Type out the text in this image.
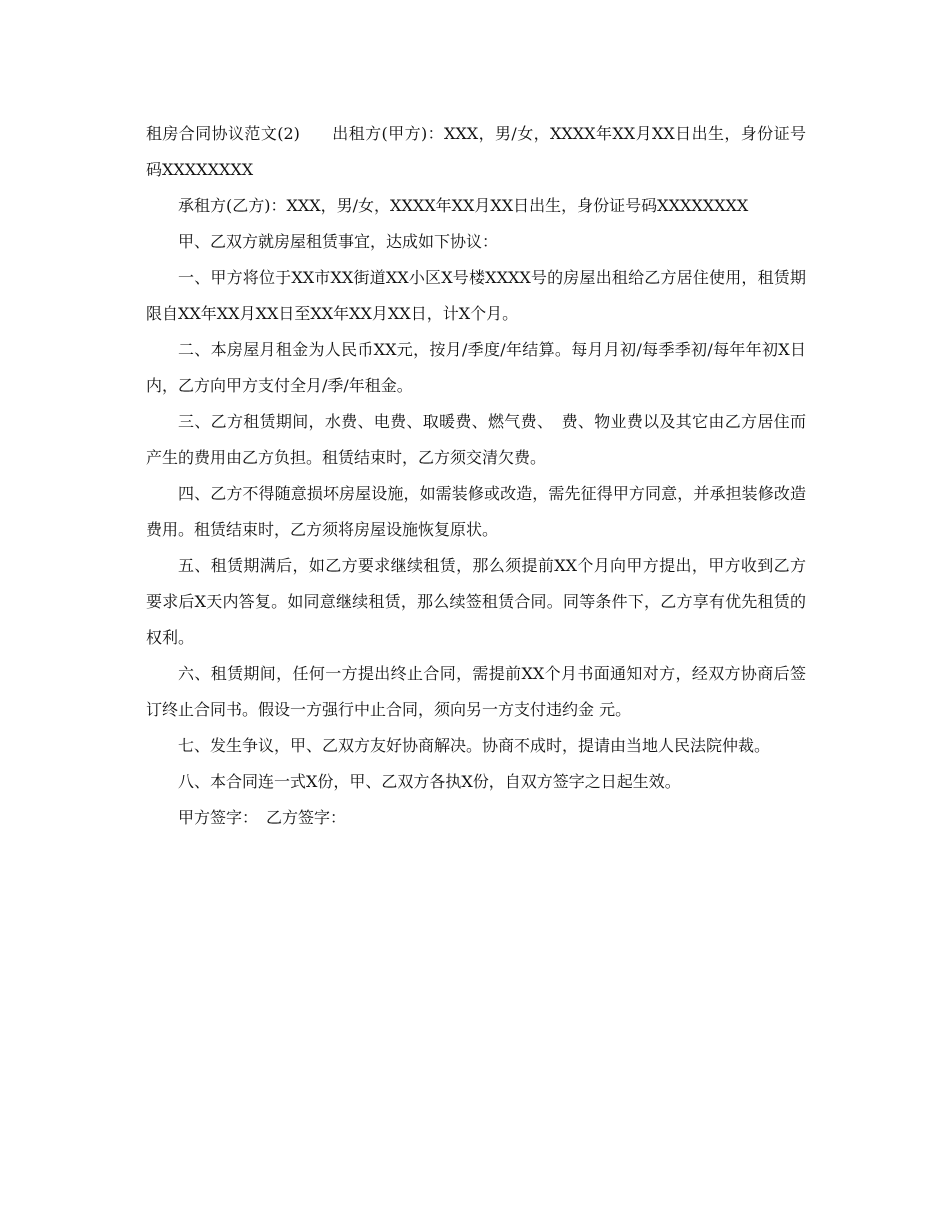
租房合同协议范文(2) 出租方(甲方)：XXX，男/女，XXXX年XX月XX日出生，身份证号码XXXXXXXX

承租方(乙方)：XXX，男/女，XXXX年XX月XX日出生，身份证号码XXXXXXXX

甲、乙双方就房屋租赁事宜，达成如下协议：

一、甲方将位于XX市XX街道XX小区X号楼XXXX号的房屋出租给乙方居住使用，租赁期限自XX年XX月XX日至XX年XX月XX日，计X个月。

二、本房屋月租金为人民币XX元，按月/季度/年结算。每月月初/每季季初/每年年初X日内，乙方向甲方支付全月/季/年租金。

三、乙方租赁期间，水费、电费、取暖费、燃气费、　费、物业费以及其它由乙方居住而产生的费用由乙方负担。租赁结束时，乙方须交清欠费。

四、乙方不得随意损坏房屋设施，如需装修或改造，需先征得甲方同意，并承担装修改造费用。租赁结束时，乙方须将房屋设施恢复原状。

五、租赁期满后，如乙方要求继续租赁，那么须提前XX个月向甲方提出，甲方收到乙方要求后X天内答复。如同意继续租赁，那么续签租赁合同。同等条件下，乙方享有优先租赁的权利。

六、租赁期间，任何一方提出终止合同，需提前XX个月书面通知对方，经双方协商后签订终止合同书。假设一方强行中止合同，须向另一方支付违约金 元。

七、发生争议，甲、乙双方友好协商解决。协商不成时，提请由当地人民法院仲裁。

八、本合同连一式X份，甲、乙双方各执X份，自双方签字之日起生效。

甲方签字： 乙方签字：
